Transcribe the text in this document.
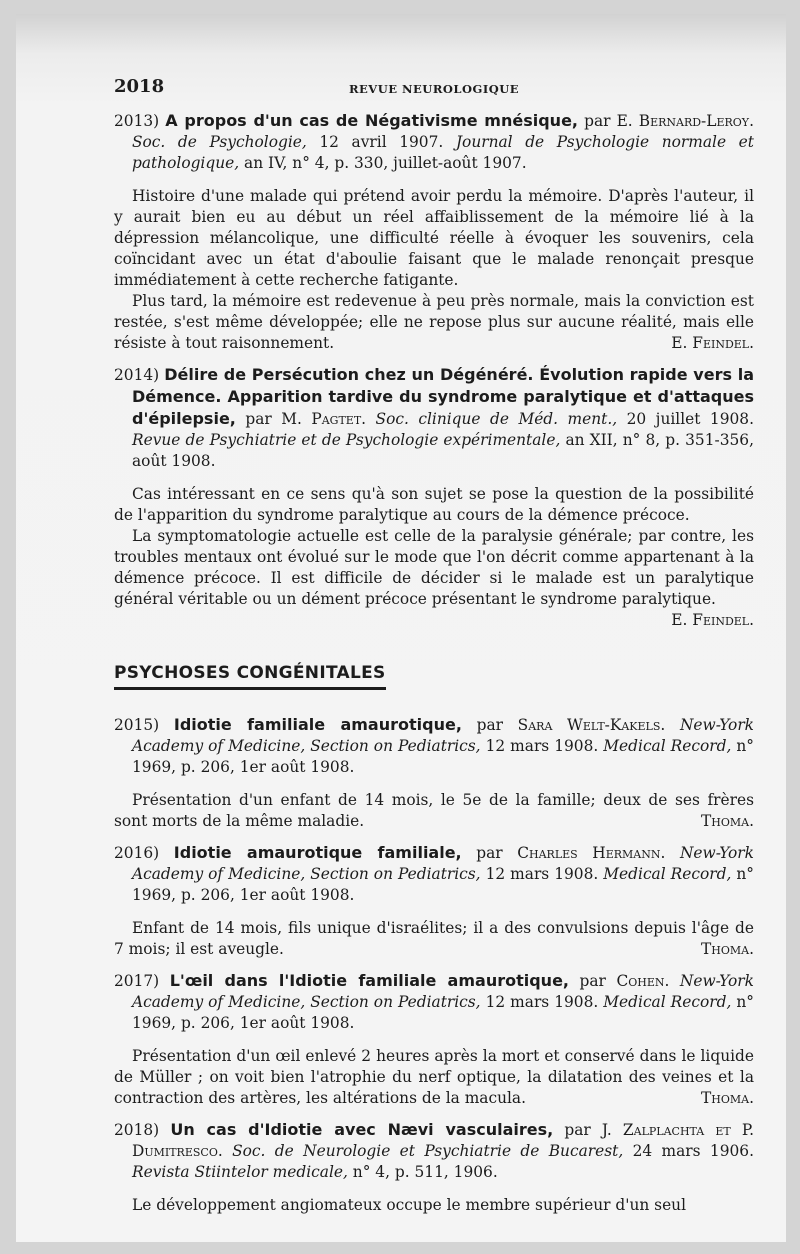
2018	REVUE NEUROLOGIQUE

2013) A propos d'un cas de Négativisme mnésique, par E. Bernard-Leroy. Soc. de Psychologie, 12 avril 1907. Journal de Psychologie normale et pathologique, an IV, n° 4, p. 330, juillet-août 1907.

Histoire d'une malade qui prétend avoir perdu la mémoire. D'après l'auteur, il y aurait bien eu au début un réel affaiblissement de la mémoire lié à la dépression mélancolique, une difficulté réelle à évoquer les souvenirs, cela coïncidant avec un état d'aboulie faisant que le malade renonçait presque immédiatement à cette recherche fatigante.

Plus tard, la mémoire est redevenue à peu près normale, mais la conviction est restée, s'est même développée; elle ne repose plus sur aucune réalité, mais elle résiste à tout raisonnement.	E. Feindel.

2014) Délire de Persécution chez un Dégénéré. Évolution rapide vers la Démence. Apparition tardive du syndrome paralytique et d'attaques d'épilepsie, par M. Pagtet. Soc. clinique de Méd. ment., 20 juillet 1908. Revue de Psychiatrie et de Psychologie expérimentale, an XII, n° 8, p. 351-356, août 1908.

Cas intéressant en ce sens qu'à son sujet se pose la question de la possibilité de l'apparition du syndrome paralytique au cours de la démence précoce.

La symptomatologie actuelle est celle de la paralysie générale; par contre, les troubles mentaux ont évolué sur le mode que l'on décrit comme appartenant à la démence précoce. Il est difficile de décider si le malade est un paralytique général véritable ou un dément précoce présentant le syndrome paralytique.

E. Feindel.
PSYCHOSES CONGÉNITALES

2015) Idiotie familiale amaurotique, par Sara Welt-Kakels. New-York Academy of Medicine, Section on Pediatrics, 12 mars 1908. Medical Record, n° 1969, p. 206, 1er août 1908.

Présentation d'un enfant de 14 mois, le 5e de la famille; deux de ses frères sont morts de la même maladie.	Thoma.

2016) Idiotie amaurotique familiale, par Charles Hermann. New-York Academy of Medicine, Section on Pediatrics, 12 mars 1908. Medical Record, n° 1969, p. 206, 1er août 1908.

Enfant de 14 mois, fils unique d'israélites; il a des convulsions depuis l'âge de 7 mois; il est aveugle.	Thoma.

2017) L'œil dans l'Idiotie familiale amaurotique, par Cohen. New-York Academy of Medicine, Section on Pediatrics, 12 mars 1908. Medical Record, n° 1969, p. 206, 1er août 1908.

Présentation d'un œil enlevé 2 heures après la mort et conservé dans le liquide de Müller ; on voit bien l'atrophie du nerf optique, la dilatation des veines et la contraction des artères, les altérations de la macula.	Thoma.

2018) Un cas d'Idiotie avec Nævi vasculaires, par J. Zalplachta et P. Dumitresco. Soc. de Neurologie et Psychiatrie de Bucarest, 24 mars 1906. Revista Stiintelor medicale, n° 4, p. 511, 1906.

Le développement angiomateux occupe le membre supérieur d'un seul
